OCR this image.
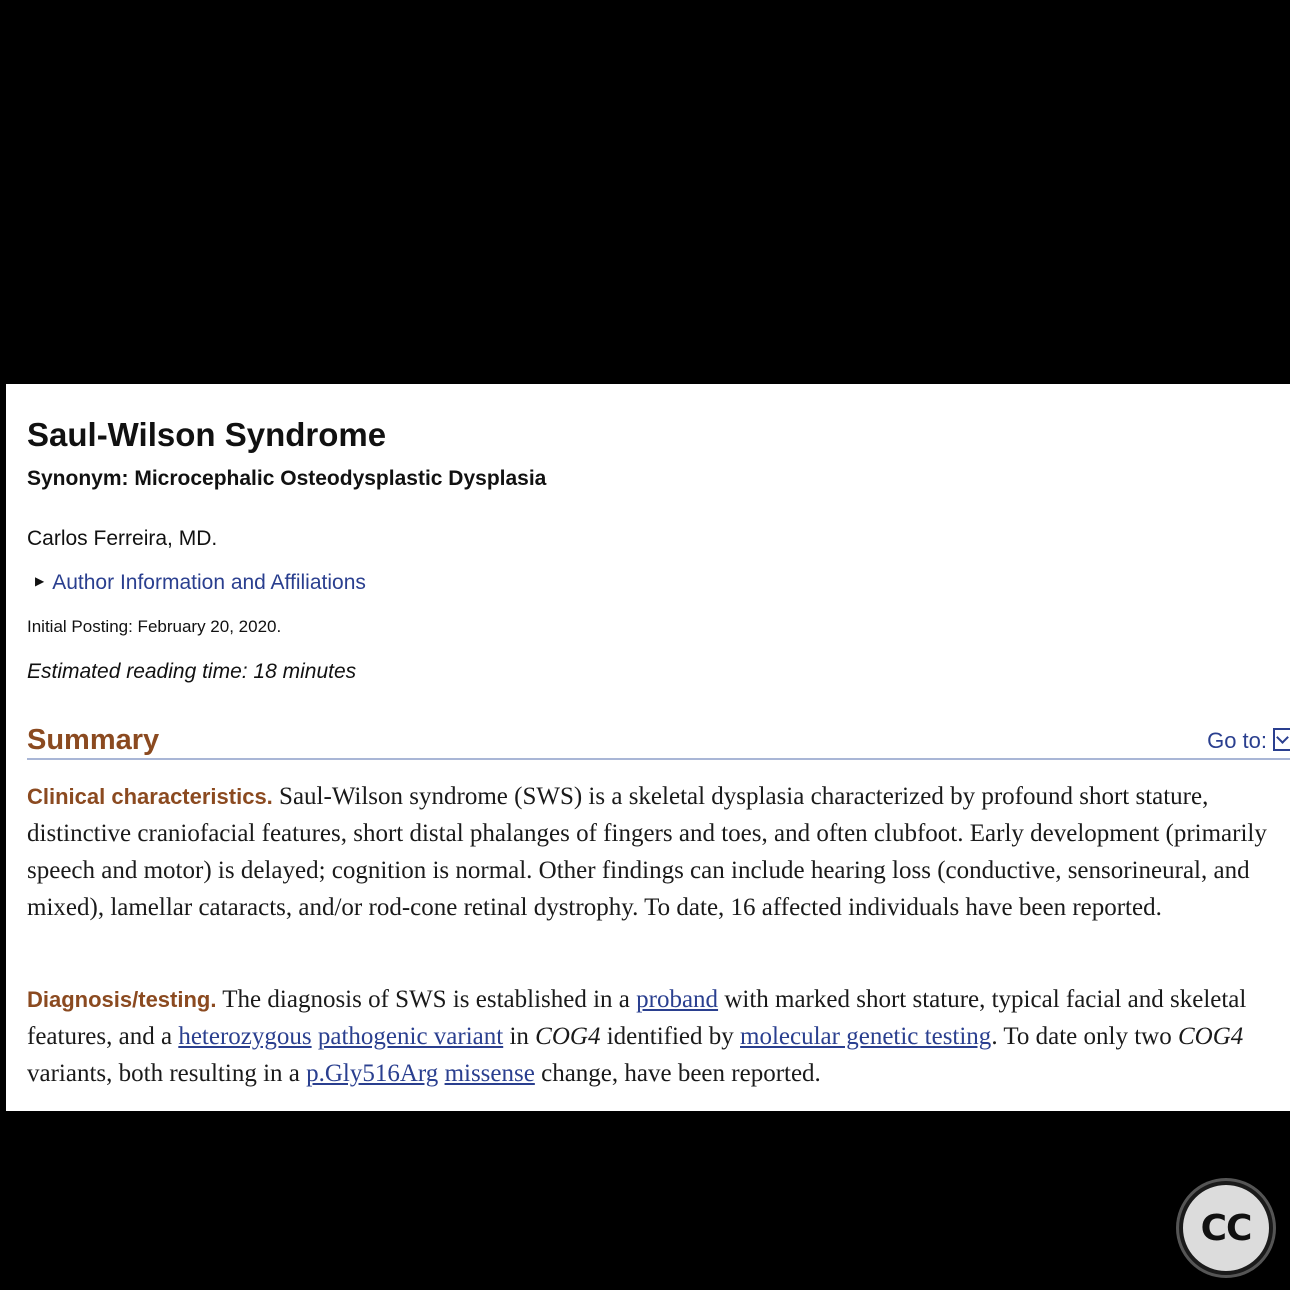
Saul-Wilson Syndrome
Synonym: Microcephalic Osteodysplastic Dysplasia
Carlos Ferreira, MD.
▶ Author Information and Affiliations
Initial Posting: February 20, 2020.
Estimated reading time: 18 minutes
Summary	Go to:

Clinical characteristics. Saul-Wilson syndrome (SWS) is a skeletal dysplasia characterized by profound short stature, distinctive craniofacial features, short distal phalanges of fingers and toes, and often clubfoot. Early development (primarily speech and motor) is delayed; cognition is normal. Other findings can include hearing loss (conductive, sensorineural, and mixed), lamellar cataracts, and/or rod-cone retinal dystrophy. To date, 16 affected individuals have been reported.

Diagnosis/testing. The diagnosis of SWS is established in a proband with marked short stature, typical facial and skeletal features, and a heterozygous pathogenic variant in COG4 identified by molecular genetic testing. To date only two COG4 variants, both resulting in a p.Gly516Arg missense change, have been reported.

CC
